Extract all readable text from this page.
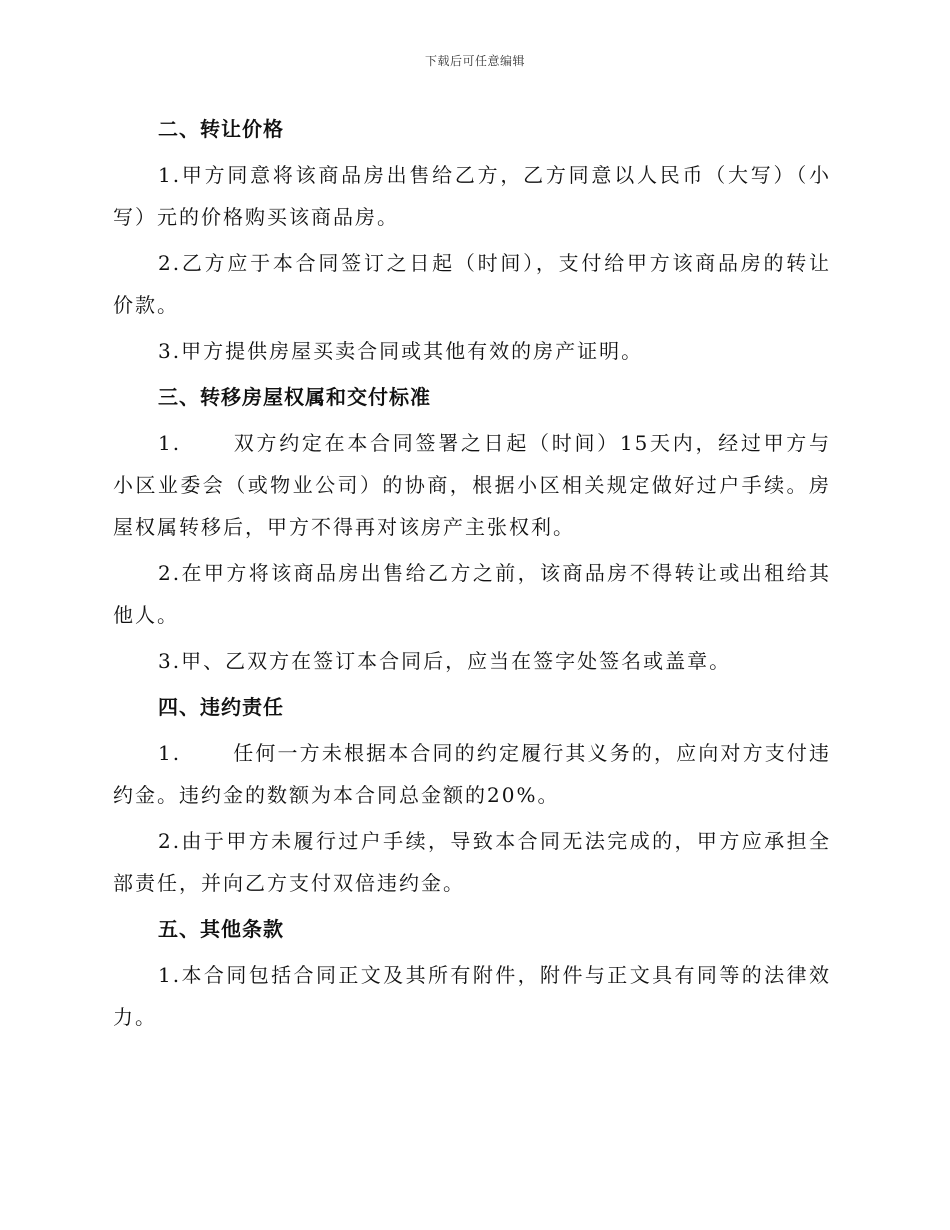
下载后可任意编辑
二、转让价格

1.甲方同意将该商品房出售给乙方，乙方同意以人民币（大写）（小写）元的价格购买该商品房。

2.乙方应于本合同签订之日起（时间），支付给甲方该商品房的转让价款。

3.甲方提供房屋买卖合同或其他有效的房产证明。

三、转移房屋权属和交付标准

1.	双方约定在本合同签署之日起（时间）15天内，经过甲方与小区业委会（或物业公司）的协商，根据小区相关规定做好过户手续。房屋权属转移后，甲方不得再对该房产主张权利。

2.在甲方将该商品房出售给乙方之前，该商品房不得转让或出租给其他人。

3.甲、乙双方在签订本合同后，应当在签字处签名或盖章。

四、违约责任

1.	任何一方未根据本合同的约定履行其义务的，应向对方支付违约金。违约金的数额为本合同总金额的20%。

2.由于甲方未履行过户手续，导致本合同无法完成的，甲方应承担全部责任，并向乙方支付双倍违约金。

五、其他条款

1.本合同包括合同正文及其所有附件，附件与正文具有同等的法律效力。
